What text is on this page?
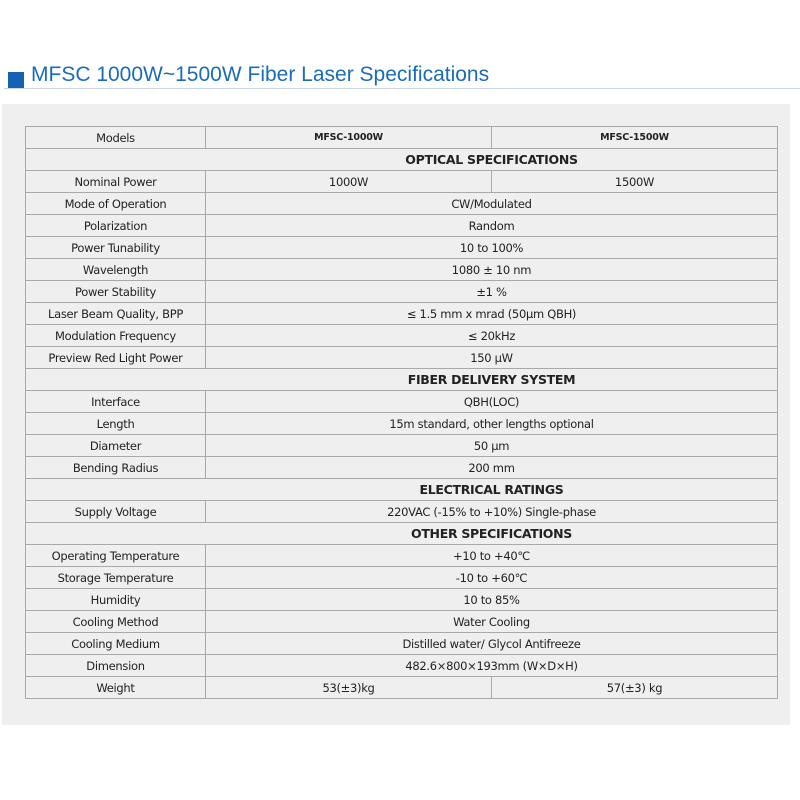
MFSC 1000W~1500W Fiber Laser Specifications
Models	MFSC-1000W	MFSC-1500W
OPTICAL SPECIFICATIONS		
Nominal Power	1000W	1500W
Mode of Operation	CW/Modulated	
Polarization	Random	
Power Tunability	10 to 100%	
Wavelength	1080 ± 10 nm	
Power Stability	±1 %	
Laser Beam Quality, BPP	≤ 1.5 mm x mrad (50μm QBH)	
Modulation Frequency	≤ 20kHz	
Preview Red Light Power	150 μW	
FIBER DELIVERY SYSTEM		
Interface	QBH(LOC)	
Length	15m standard, other lengths optional	
Diameter	50 μm	
Bending Radius	200 mm	
ELECTRICAL RATINGS		
Supply Voltage	220VAC (-15% to +10%) Single-phase	
OTHER SPECIFICATIONS		
Operating Temperature	+10 to +40℃	
Storage Temperature	-10 to +60℃	
Humidity	10 to 85%	
Cooling Method	Water Cooling	
Cooling Medium	Distilled water/ Glycol Antifreeze	
Dimension	482.6×800×193mm (W×D×H)	
Weight	53(±3)kg	57(±3) kg
